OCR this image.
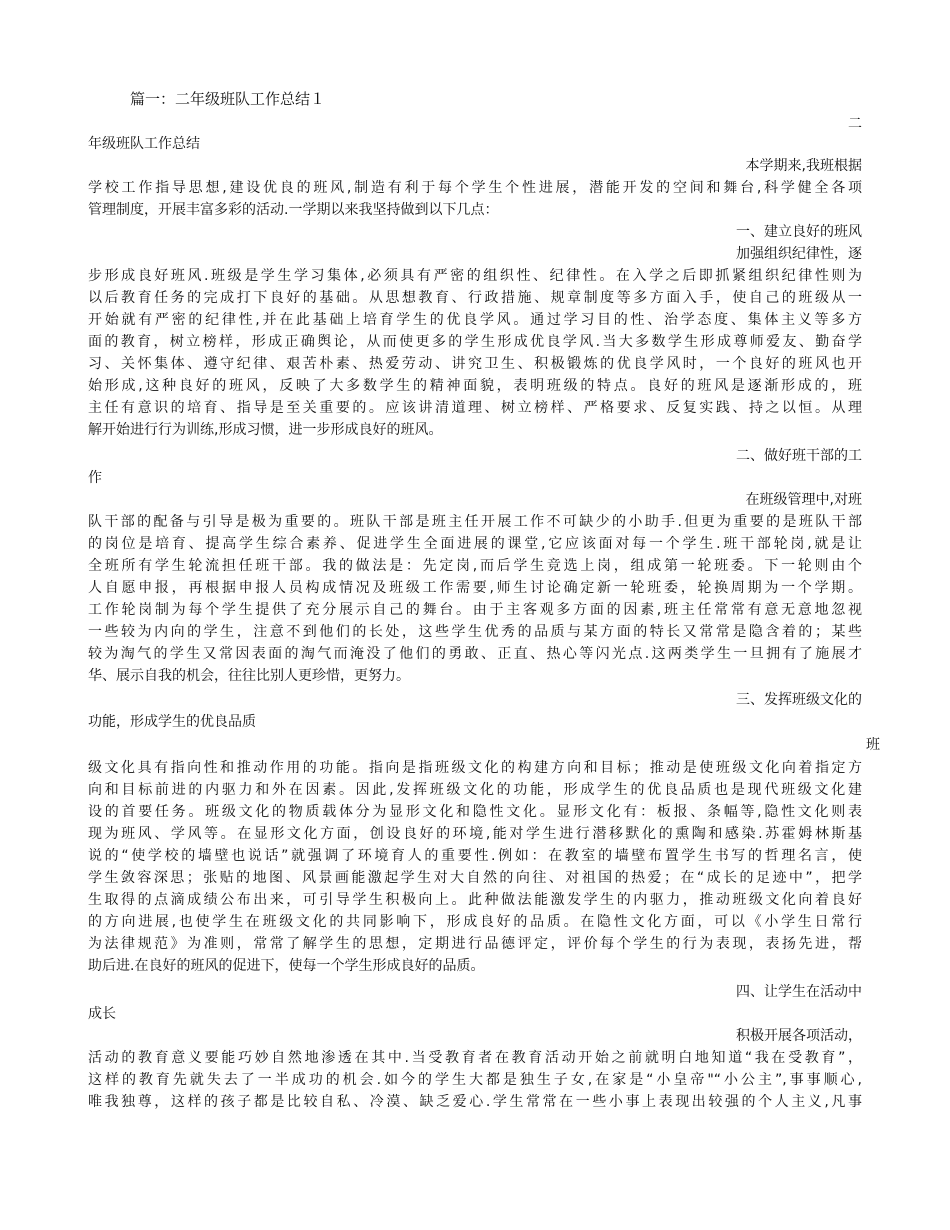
篇一：二年级班队工作总结１
二
年级班队工作总结
本学期来,我班根据
学校工作指导思想,建设优良的班风,制造有利于每个学生个性进展，潜能开发的空间和舞台,科学健全各项
管理制度，开展丰富多彩的活动.一学期以来我坚持做到以下几点：
一、建立良好的班风
加强组织纪律性，逐
步形成良好班风.班级是学生学习集体,必须具有严密的组织性、纪律性。在入学之后即抓紧组织纪律性则为
以后教育任务的完成打下良好的基础。从思想教育、行政措施、规章制度等多方面入手，使自己的班级从一
开始就有严密的纪律性,并在此基础上培育学生的优良学风。通过学习目的性、治学态度、集体主义等多方
面的教育，树立榜样，形成正确舆论，从而使更多的学生形成优良学风.当大多数学生形成尊师爱友、勤奋学
习、关怀集体、遵守纪律、艰苦朴素、热爱劳动、讲究卫生、积极锻炼的优良学风时，一个良好的班风也开
始形成,这种良好的班风，反映了大多数学生的精神面貌，表明班级的特点。良好的班风是逐渐形成的，班
主任有意识的培育、指导是至关重要的。应该讲清道理、树立榜样、严格要求、反复实践、持之以恒。从理
解开始进行行为训练,形成习惯，进一步形成良好的班风。
二、做好班干部的工
作
在班级管理中,对班
队干部的配备与引导是极为重要的。班队干部是班主任开展工作不可缺少的小助手.但更为重要的是班队干部
的岗位是培育、提高学生综合素养、促进学生全面进展的课堂,它应该面对每一个学生.班干部轮岗,就是让
全班所有学生轮流担任班干部。我的做法是：先定岗,而后学生竞选上岗，组成第一轮班委。下一轮则由个
人自愿申报，再根据申报人员构成情况及班级工作需要,师生讨论确定新一轮班委，轮换周期为一个学期。
工作轮岗制为每个学生提供了充分展示自己的舞台。由于主客观多方面的因素,班主任常常有意无意地忽视
一些较为内向的学生，注意不到他们的长处，这些学生优秀的品质与某方面的特长又常常是隐含着的；某些
较为淘气的学生又常因表面的淘气而淹没了他们的勇敢、正直、热心等闪光点.这两类学生一旦拥有了施展才
华、展示自我的机会，往往比别人更珍惜，更努力。
三、发挥班级文化的
功能，形成学生的优良品质
班
级文化具有指向性和推动作用的功能。指向是指班级文化的构建方向和目标；推动是使班级文化向着指定方
向和目标前进的内驱力和外在因素。因此,发挥班级文化的功能，形成学生的优良品质也是现代班级文化建
设的首要任务。班级文化的物质载体分为显形文化和隐性文化。显形文化有：板报、条幅等,隐性文化则表
现为班风、学风等。在显形文化方面，创设良好的环境,能对学生进行潜移默化的熏陶和感染.苏霍姆林斯基
说的“使学校的墙壁也说话”就强调了环境育人的重要性.例如：在教室的墙壁布置学生书写的哲理名言，使
学生敛容深思；张贴的地图、风景画能激起学生对大自然的向往、对祖国的热爱；在“成长的足迹中”，把学
生取得的点滴成绩公布出来，可引导学生积极向上。此种做法能激发学生的内驱力，推动班级文化向着良好
的方向进展,也使学生在班级文化的共同影响下，形成良好的品质。在隐性文化方面，可以《小学生日常行
为法律规范》为准则，常常了解学生的思想，定期进行品德评定，评价每个学生的行为表现，表扬先进，帮
助后进.在良好的班风的促进下，使每一个学生形成良好的品质。
四、让学生在活动中
成长
积极开展各项活动，
活动的教育意义要能巧妙自然地渗透在其中.当受教育者在教育活动开始之前就明白地知道“我在受教育”，
这样的教育先就失去了一半成功的机会.如今的学生大都是独生子女,在家是“小皇帝"“小公主”,事事顺心,
唯我独尊，这样的孩子都是比较自私、冷漠、缺乏爱心.学生常常在一些小事上表现出较强的个人主义,凡事
